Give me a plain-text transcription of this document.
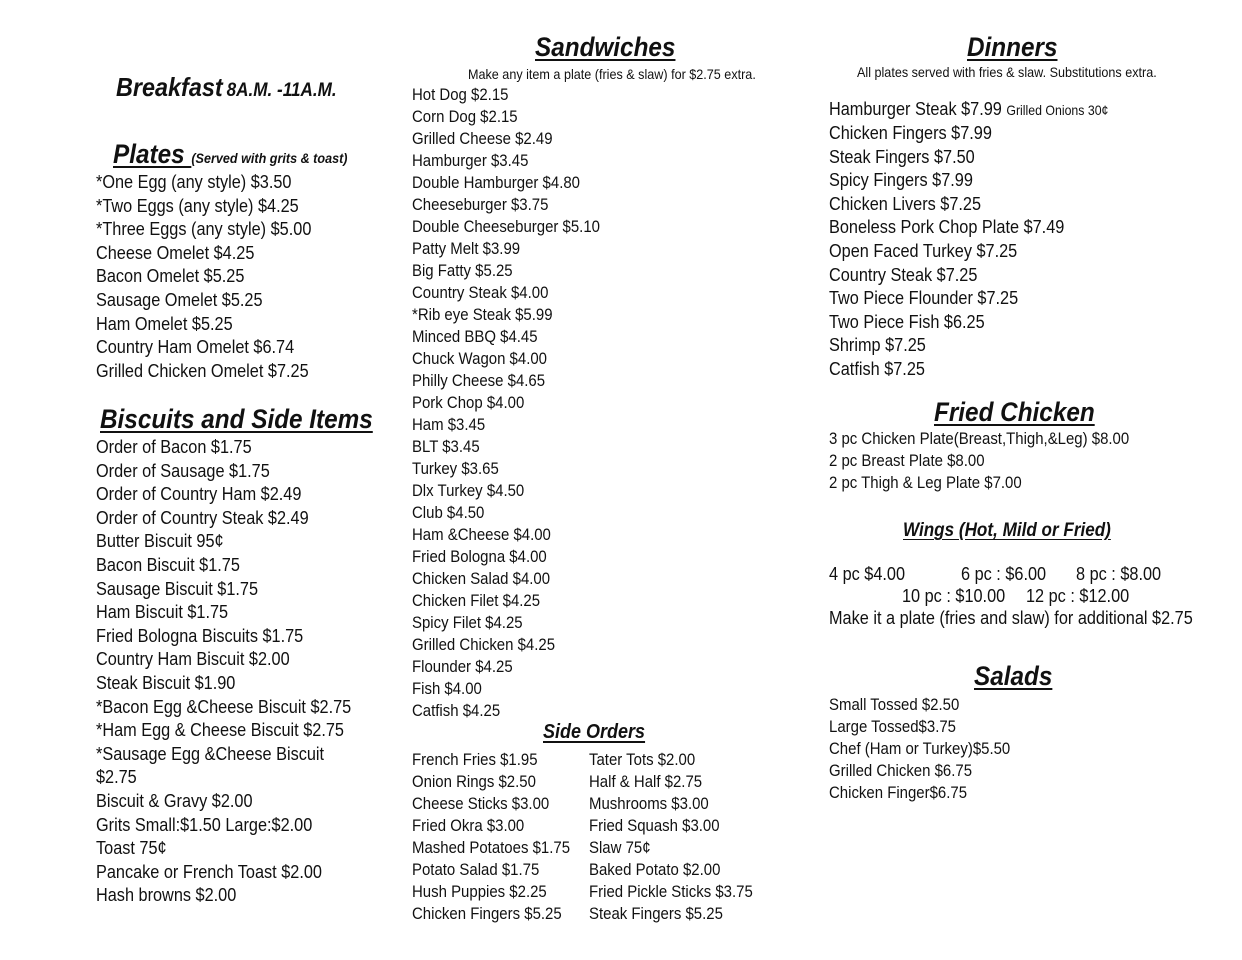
Breakfast 8A.M. -11A.M.
Plates (Served with grits & toast)
*One Egg (any style) $3.50
*Two Eggs (any style) $4.25
*Three Eggs (any style) $5.00
Cheese Omelet $4.25
Bacon Omelet $5.25
Sausage Omelet $5.25
Ham Omelet $5.25
Country Ham Omelet $6.74
Grilled Chicken Omelet $7.25
Biscuits and Side Items
Order of Bacon $1.75
Order of Sausage $1.75
Order of Country Ham $2.49
Order of Country Steak $2.49
Butter Biscuit 95¢
Bacon Biscuit $1.75
Sausage Biscuit $1.75
Ham Biscuit $1.75
Fried Bologna Biscuits $1.75
Country Ham Biscuit $2.00
Steak Biscuit $1.90
*Bacon Egg &Cheese Biscuit $2.75
*Ham Egg & Cheese Biscuit $2.75
*Sausage Egg &Cheese Biscuit
$2.75
Biscuit & Gravy $2.00
Grits Small:$1.50 Large:$2.00
Toast 75¢
Pancake or French Toast $2.00
Hash browns $2.00
Sandwiches
Make any item a plate (fries & slaw) for $2.75 extra.
Hot Dog $2.15
Corn Dog $2.15
Grilled Cheese $2.49
Hamburger $3.45
Double Hamburger $4.80
Cheeseburger $3.75
Double Cheeseburger $5.10
Patty Melt $3.99
Big Fatty $5.25
Country Steak $4.00
*Rib eye Steak $5.99
Minced BBQ $4.45
Chuck Wagon $4.00
Philly Cheese $4.65
Pork Chop $4.00
Ham $3.45
BLT $3.45
Turkey $3.65
Dlx Turkey $4.50
Club $4.50
Ham &Cheese $4.00
Fried Bologna $4.00
Chicken Salad $4.00
Chicken Filet $4.25
Spicy Filet $4.25
Grilled Chicken $4.25
Flounder $4.25
Fish $4.00
Catfish $4.25
Side Orders
French Fries $1.95
Onion Rings $2.50
Cheese Sticks $3.00
Fried Okra $3.00
Mashed Potatoes $1.75
Potato Salad $1.75
Hush Puppies $2.25
Chicken Fingers $5.25
Tater Tots $2.00
Half & Half $2.75
Mushrooms $3.00
Fried Squash $3.00
Slaw 75¢
Baked Potato $2.00
Fried Pickle Sticks $3.75
Steak Fingers $5.25
Dinners
All plates served with fries & slaw. Substitutions extra.
Hamburger Steak $7.99 Grilled Onions 30¢
Chicken Fingers $7.99
Steak Fingers $7.50
Spicy Fingers $7.99
Chicken Livers $7.25
Boneless Pork Chop Plate $7.49
Open Faced Turkey $7.25
Country Steak $7.25
Two Piece Flounder $7.25
Two Piece Fish $6.25
Shrimp $7.25
Catfish $7.25
Fried Chicken
3 pc Chicken Plate(Breast,Thigh,&Leg) $8.00
2 pc Breast Plate $8.00
2 pc Thigh & Leg Plate $7.00
Wings (Hot, Mild or Fried)
4 pc $4.00	6 pc : $6.00 8 pc : $8.00
10 pc : $10.00 12 pc : $12.00
Make it a plate (fries and slaw) for additional $2.75
Salads
Small Tossed $2.50
Large Tossed$3.75
Chef (Ham or Turkey)$5.50
Grilled Chicken $6.75
Chicken Finger$6.75
